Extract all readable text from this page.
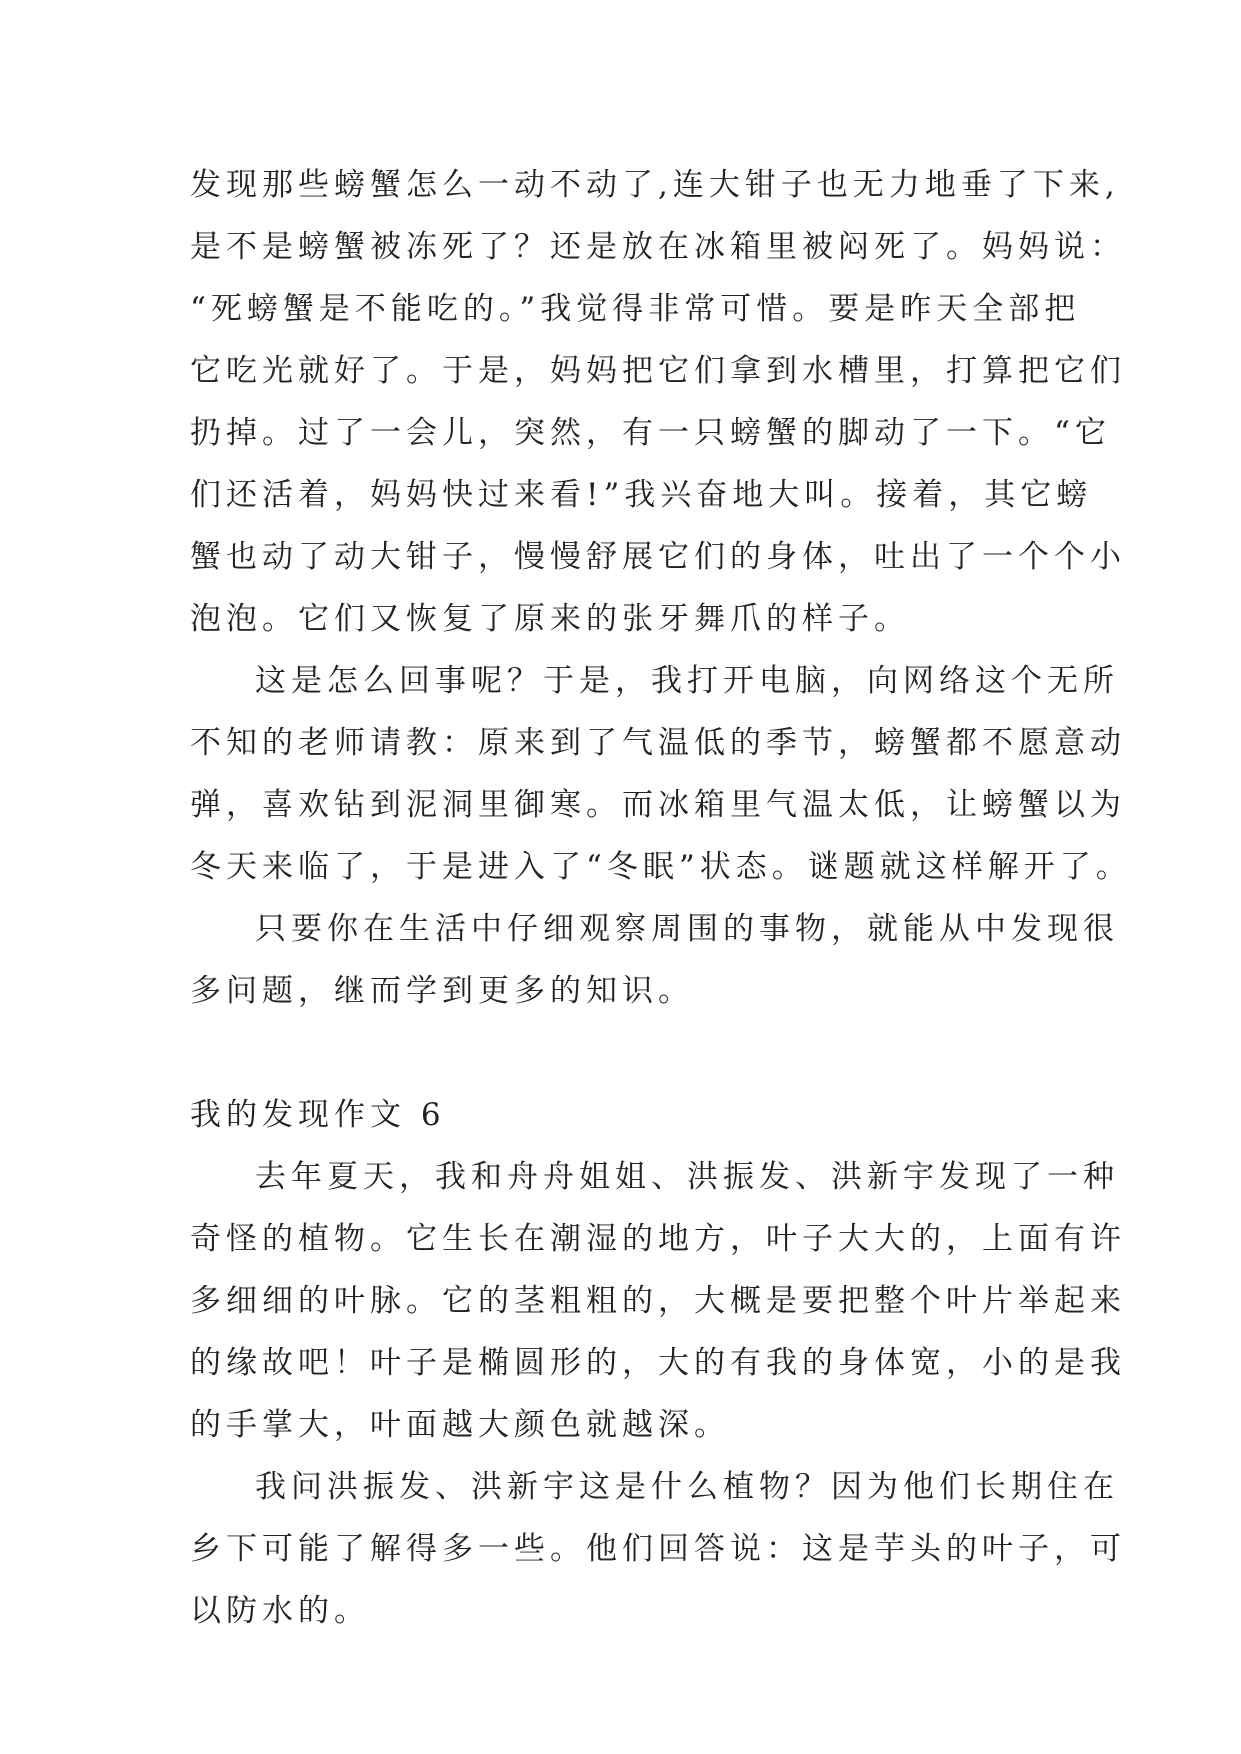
发现那些螃蟹怎么一动不动了,连大钳子也无力地垂了下来,
是不是螃蟹被冻死了？还是放在冰箱里被闷死了。妈妈说：
“死螃蟹是不能吃的。”我觉得非常可惜。要是昨天全部把
它吃光就好了。于是，妈妈把它们拿到水槽里，打算把它们
扔掉。过了一会儿，突然，有一只螃蟹的脚动了一下。“它
们还活着，妈妈快过来看!”我兴奋地大叫。接着，其它螃
蟹也动了动大钳子，慢慢舒展它们的身体，吐出了一个个小
泡泡。它们又恢复了原来的张牙舞爪的样子。
这是怎么回事呢？于是，我打开电脑，向网络这个无所
不知的老师请教：原来到了气温低的季节，螃蟹都不愿意动
弹，喜欢钻到泥洞里御寒。而冰箱里气温太低，让螃蟹以为
冬天来临了，于是进入了“冬眠”状态。谜题就这样解开了。
只要你在生活中仔细观察周围的事物，就能从中发现很
多问题，继而学到更多的知识。
我的发现作文 6
去年夏天，我和舟舟姐姐、洪振发、洪新宇发现了一种
奇怪的植物。它生长在潮湿的地方，叶子大大的，上面有许
多细细的叶脉。它的茎粗粗的，大概是要把整个叶片举起来
的缘故吧！叶子是椭圆形的，大的有我的身体宽，小的是我
的手掌大，叶面越大颜色就越深。
我问洪振发、洪新宇这是什么植物？因为他们长期住在
乡下可能了解得多一些。他们回答说：这是芋头的叶子，可
以防水的。
